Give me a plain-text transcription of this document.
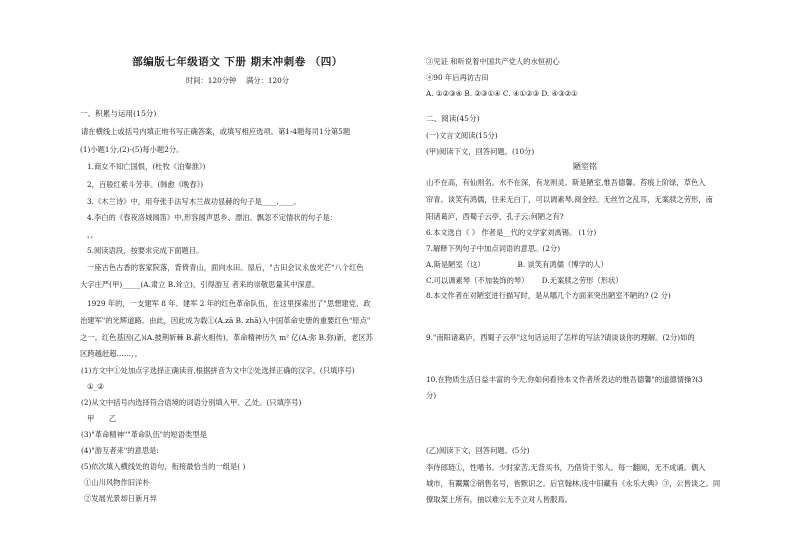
部编版七年级语文 下册 期末冲刺卷 （四）
时间：120分钟　 满分：120分
一、积累与运用(15分)
请在横线上或括号内填正地书写正确答案，或填写相应选项。第1-4题每司1分第5题
(1)小题1分,(2)-(5)每小题2分。
1.商女不知亡国恨，(杜牧《泊秦淮》)
2，百般红紫斗芳菲。(韩愈《晚春》)
3.《木兰诗》中，用夸张手法写木兰战功显赫的句子是____,____。
4.李白的《春夜洛城闻笛》中,形容闻声思乡、漂泊、飘忽不定情状的句子是：
，，
5.阅读语段，按要求完成下面题目。
一座古色古香的客家院落，背倚青山，面向水田。屋后，"古田会议永放光芒"八个红色
大字庄严(甲)_____(A.肃立 B.耸立)，引得游互 者来的崇敬思量其中深意。
1929 年的，一支建军 8 年、建军 2 年的红色革命队伍，在这里探索出了"思想建党、政
治建军"的光辉道路。由此，因此成为载①(A.zā B. zhā)入中国革命史册的重要红色"原点"
之一。红色基因(乙)(A.披荆斩棘 B.薪火相传)，革命精神历久 m² 亿(A.弥 B.弥)新，老区苏
区跨越赶超……，，
(1)方文中①处加点字选择正确读音,根据拼音为文中②处选择正确的汉字。(只填序号)
①_②
(2)从文中括号内选择符合语境的词语分别填入甲、乙处。(只填序号)
甲　　乙
(3)"革命精神""革命队伍"的短语类型是
(4)"游互者来"的意思是:
(5)依次填入横线处的语句，衔接最恰当的一组是( )
①山川风物作旧洋朴
②发展光景却日新月异
③见证 和听说着中国共产党人的水恒初心
④90 年后再访古田
A. ①②③④ B. ②③①④ C. ④①②③ D. ④③②①
二、阅读(45分)
(一)文言文阅读(15分)
(甲)阅读下文，回答问题。(10分)
陋室铭
山不在高，有仙则名。水不在深，有龙则灵。斯是陋室,惟吾德馨。苔痕上阶绿，草色入
帘青。谈笑有鸿儒，往来无白丁，可以调素琴,阅金经。无丝竹之乱耳，无案牍之劳形，南
阳诸葛庐，西蜀子云亭，孔子云:何陋之有?
6.本文选自《 》 作者是__代的文学家刘禹锡。 (1分)
7.解释下列句子中加点词语的意思。(2分)
A.斯是陋室（这）　　　　　B. 谈笑有鸿儒（博学的人）
C.可以调素琴（不加装饰的琴）　　 D.无案牍之劳形（形状）
8.本文作者在对陋室进行描写时，是从哪几个方面来突出陋室不陋的? (2 分)
9."南阳诸葛庐，西蜀子云亭"这句话运用了怎样的写法?请谈谈你的理解。(2分)如的
10.在物质生活日益丰富的今天,你如何看待本文作者所表达的惟吾德馨"的道德情操?(3
分)
(乙)阅读下文，回答问题。(5分)
李侍郎琏①，性嗜书。少时家苦,无背买书，乃借贷于邻人。每一翻阅，无不成诵。偶入
城市，有鬻鬻②销售名号，皆默识之。后官翰林,庋中旧藏有《永乐大典》③，公皆谈之。同
僚取架上所有，抽以难公无不立对人皆服焉。
